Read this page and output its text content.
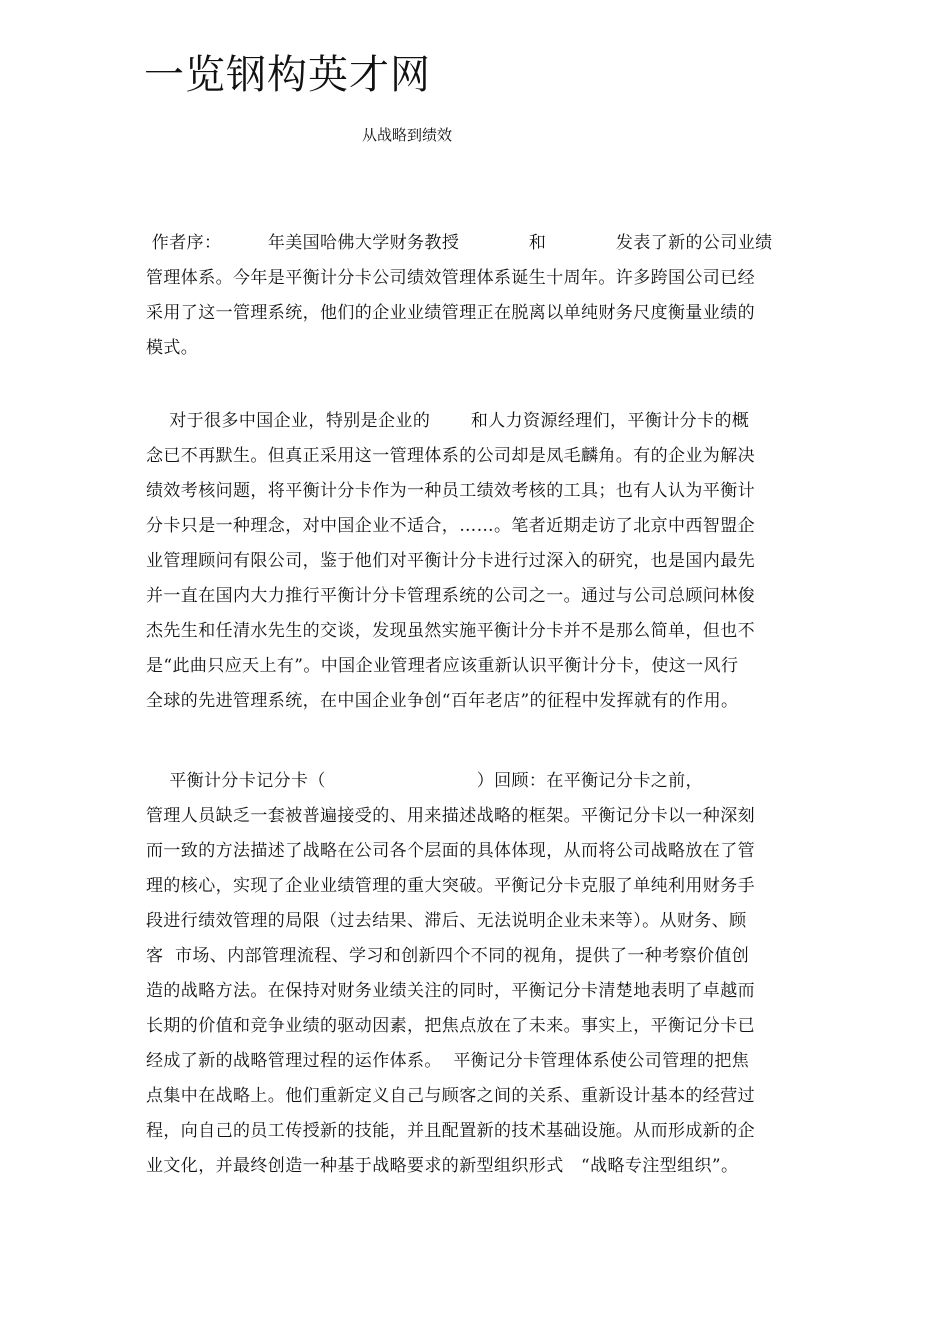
一览钢构英才网

从战略到绩效

作者序：        年美国哈佛大学财务教授            和            发表了新的公司业绩
管理体系。今年是平衡计分卡公司绩效管理体系诞生十周年。许多跨国公司已经
采用了这一管理系统，他们的企业业绩管理正在脱离以单纯财务尺度衡量业绩的
模式。
对于很多中国企业，特别是企业的       和人力资源经理们，平衡计分卡的概
念已不再默生。但真正采用这一管理体系的公司却是凤毛麟角。有的企业为解决
绩效考核问题，将平衡计分卡作为一种员工绩效考核的工具；也有人认为平衡计
分卡只是一种理念，对中国企业不适合，……。笔者近期走访了北京中西智盟企
业管理顾问有限公司，鉴于他们对平衡计分卡进行过深入的研究，也是国内最先
并一直在国内大力推行平衡计分卡管理系统的公司之一。通过与公司总顾问林俊
杰先生和任清水先生的交谈，发现虽然实施平衡计分卡并不是那么简单，但也不
是“此曲只应天上有”。中国企业管理者应该重新认识平衡计分卡，使这一风行
全球的先进管理系统，在中国企业争创“百年老店”的征程中发挥就有的作用。
平衡计分卡记分卡（                          ）回顾：在平衡记分卡之前，
管理人员缺乏一套被普遍接受的、用来描述战略的框架。平衡记分卡以一种深刻
而一致的方法描述了战略在公司各个层面的具体体现，从而将公司战略放在了管
理的核心，实现了企业业绩管理的重大突破。平衡记分卡克服了单纯利用财务手
段进行绩效管理的局限（过去结果、滞后、无法说明企业未来等）。从财务、顾
客  市场、内部管理流程、学习和创新四个不同的视角，提供了一种考察价值创
造的战略方法。在保持对财务业绩关注的同时，平衡记分卡清楚地表明了卓越而
长期的价值和竞争业绩的驱动因素，把焦点放在了未来。事实上，平衡记分卡已
经成了新的战略管理过程的运作体系。  平衡记分卡管理体系使公司管理的把焦
点集中在战略上。他们重新定义自己与顾客之间的关系、重新设计基本的经营过
程，向自己的员工传授新的技能，并且配置新的技术基础设施。从而形成新的企
业文化，并最终创造一种基于战略要求的新型组织形式   “战略专注型组织”。
